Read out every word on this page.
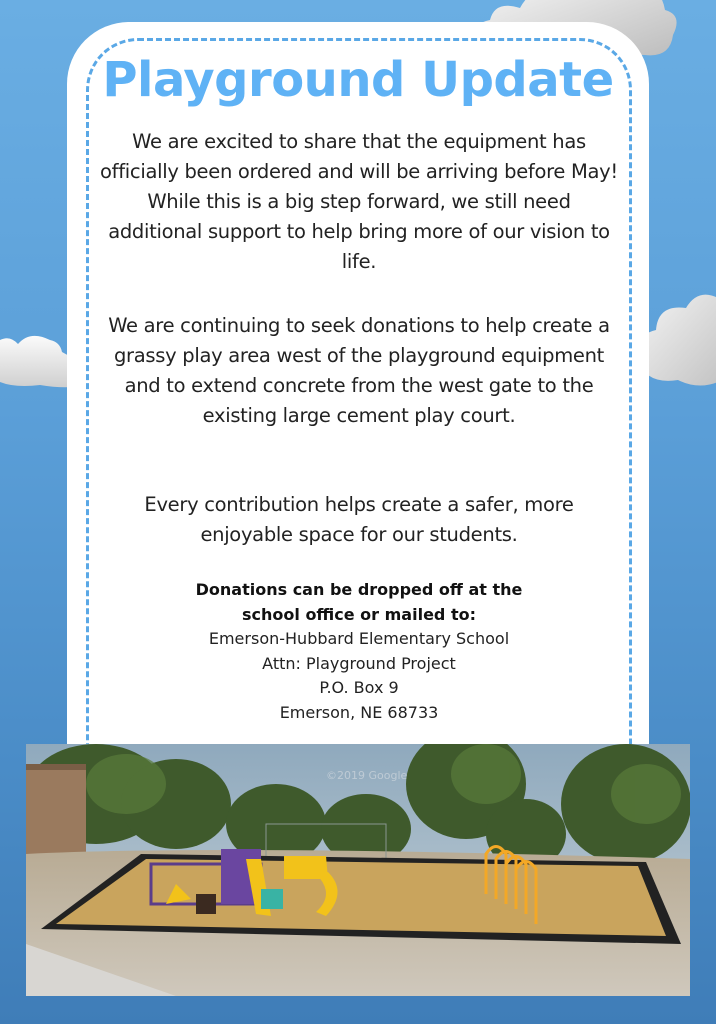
Playground Update

We are excited to share that the equipment has officially been ordered and will be arriving before May! While this is a big step forward, we still need additional support to help bring more of our vision to life.

We are continuing to seek donations to help create a grassy play area west of the playground equipment and to extend concrete from the west gate to the existing large cement play court.

Every contribution helps create a safer, more enjoyable space for our students.

Donations can be dropped off at the
school office or mailed to:
Emerson-Hubbard Elementary School
Attn: Playground Project
P.O. Box 9
Emerson, NE 68733
©2019 Google
